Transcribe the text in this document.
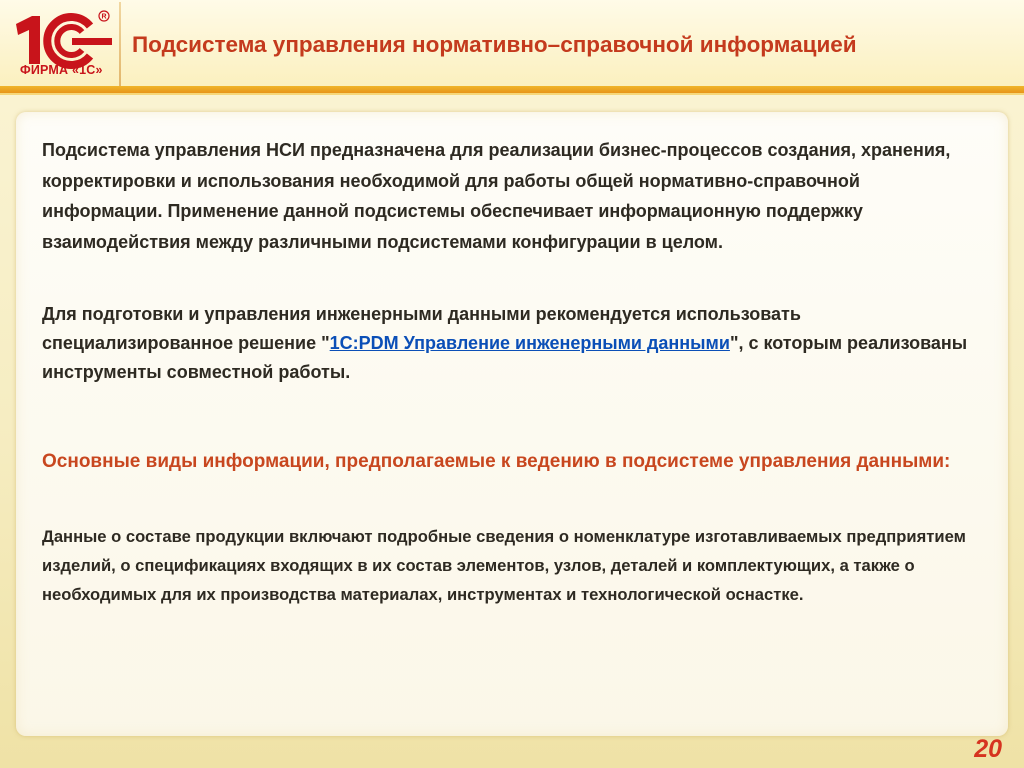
R
ФИРМА «1С»
Подсистема управления нормативно–справочной информацией
Подсистема управления НСИ предназначена для реализации бизнес-процессов создания, хранения, корректировки и использования необходимой для работы общей нормативно-справочной информации. Применение данной подсистемы обеспечивает информационную поддержку взаимодействия между различными подсистемами конфигурации в целом.
Для подготовки и управления инженерными данными рекомендуется использовать специализированное решение "1С:PDM Управление инженерными данными", с которым реализованы инструменты совместной работы.
Основные виды информации, предполагаемые к ведению в подсистеме управления данными:
Данные о составе продукции включают подробные сведения о номенклатуре изготавливаемых предприятием изделий, о спецификациях входящих в их состав элементов, узлов, деталей и комплектующих, а также о необходимых для их производства материалах, инструментах и технологической оснастке.
20
